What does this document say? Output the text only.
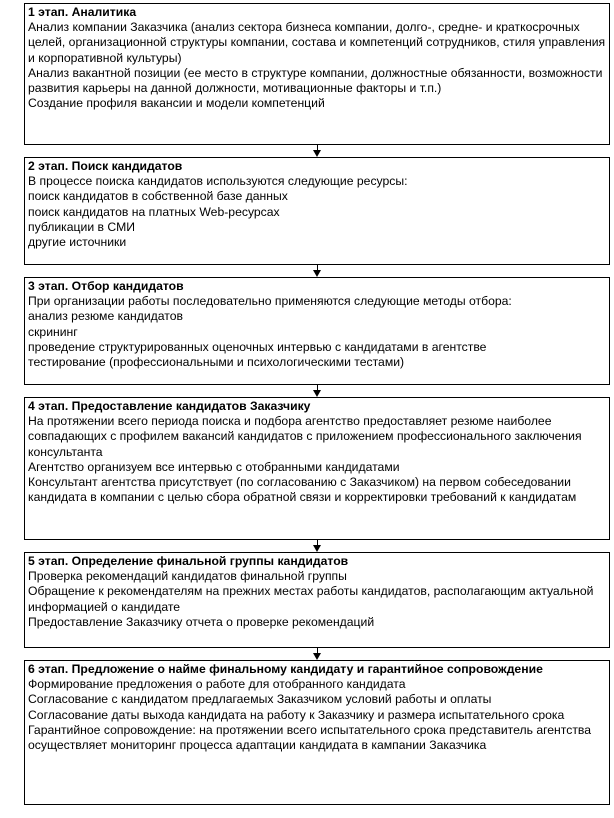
1 этап. Аналитика
Анализ компании Заказчика (анализ сектора бизнеса компании, долго-, средне- и краткосрочных целей, организационной структуры компании, состава и компетенций сотрудников, стиля управления и корпоративной культуры)
Анализ вакантной позиции (ее место в структуре компании, должностные обязанности, возможности развития карьеры на данной должности, мотивационные факторы и т.п.)
Создание профиля вакансии и модели компетенций
2 этап. Поиск кандидатов
В процессе поиска кандидатов используются следующие ресурсы:
поиск кандидатов в собственной базе данных
поиск кандидатов на платных Web-ресурсах
публикации в СМИ
другие источники
3 этап. Отбор кандидатов
При организации работы последовательно применяются следующие методы отбора:
анализ резюме кандидатов
скрининг
проведение структурированных оценочных интервью с кандидатами в агентстве
тестирование (профессиональными и психологическими тестами)
4 этап. Предоставление кандидатов Заказчику
На протяжении всего периода поиска и подбора агентство предоставляет резюме наиболее совпадающих с профилем вакансий кандидатов с приложением профессионального заключения консультанта
Агентство организуем все интервью с отобранными кандидатами
Консультант агентства присутствует (по согласованию с Заказчиком) на первом собеседовании кандидата в компании с целью сбора обратной связи и корректировки требований к кандидатам
5 этап. Определение финальной группы кандидатов
Проверка рекомендаций кандидатов финальной группы
Обращение к рекомендателям на прежних местах работы кандидатов, располагающим актуальной информацией о кандидате
Предоставление Заказчику отчета о проверке рекомендаций
6 этап. Предложение о найме финальному кандидату и гарантийное сопровождение
Формирование предложения о работе для отобранного кандидата
Согласование с кандидатом предлагаемых Заказчиком условий работы и оплаты
Согласование даты выхода кандидата на работу к Заказчику и размера испытательного срока
Гарантийное сопровождение: на протяжении всего испытательного срока представитель агентства осуществляет мониторинг процесса адаптации кандидата в кампании Заказчика
